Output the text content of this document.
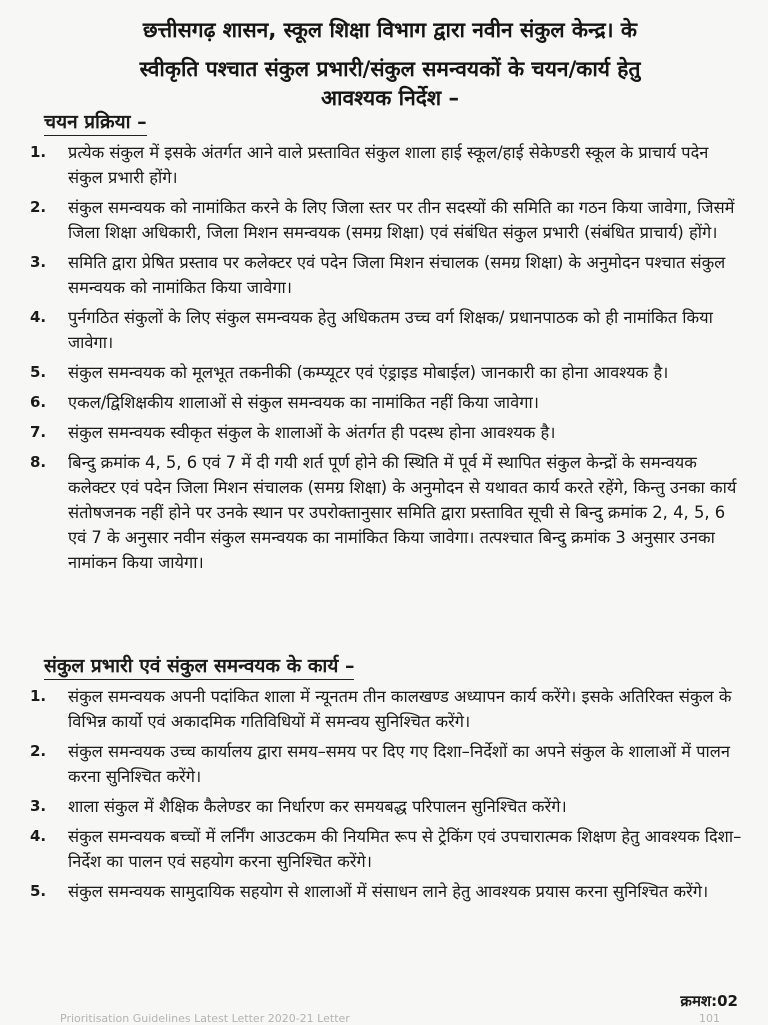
छत्तीसगढ़ शासन, स्कूल शिक्षा विभाग द्वारा नवीन संकुल केन्द्र। के

स्वीकृति पश्चात संकुल प्रभारी/संकुल समन्वयकों के चयन/कार्य हेतु

आवश्यक निर्देश –

चयन प्रक्रिया –
1.	प्रत्येक संकुल में इसके अंतर्गत आने वाले प्रस्तावित संकुल शाला हाई स्कूल/हाई सेकेण्डरी स्कूल के प्राचार्य पदेन संकुल प्रभारी होंगे।
2.	संकुल समन्वयक को नामांकित करने के लिए जिला स्तर पर तीन सदस्यों की समिति का गठन किया जावेगा, जिसमें जिला शिक्षा अधिकारी, जिला मिशन समन्वयक (समग्र शिक्षा) एवं संबंधित संकुल प्रभारी (संबंधित प्राचार्य) होंगे।
3.	समिति द्वारा प्रेषित प्रस्ताव पर कलेक्टर एवं पदेन जिला मिशन संचालक (समग्र शिक्षा) के अनुमोदन पश्चात संकुल समन्वयक को नामांकित किया जावेगा।
4.	पुर्नगठित संकुलों के लिए संकुल समन्वयक हेतु अधिकतम उच्च वर्ग शिक्षक/ प्रधानपाठक को ही नामांकित किया जावेगा।
5.	संकुल समन्वयक को मूलभूत तकनीकी (कम्प्यूटर एवं एंड्राइड मोबाईल) जानकारी का होना आवश्यक है।
6.	एकल/द्विशिक्षकीय शालाओं से संकुल समन्वयक का नामांकित नहीं किया जावेगा।
7.	संकुल समन्वयक स्वीकृत संकुल के शालाओं के अंतर्गत ही पदस्थ होना आवश्यक है।
8.	बिन्दु क्रमांक 4, 5, 6 एवं 7 में दी गयी शर्त पूर्ण होने की स्थिति में पूर्व में स्थापित संकुल केन्द्रों के समन्वयक कलेक्टर एवं पदेन जिला मिशन संचालक (समग्र शिक्षा) के अनुमोदन से यथावत कार्य करते रहेंगे, किन्तु उनका कार्य संतोषजनक नहीं होने पर उनके स्थान पर उपरोक्तानुसार समिति द्वारा प्रस्तावित सूची से बिन्दु क्रमांक 2, 4, 5, 6 एवं 7 के अनुसार नवीन संकुल समन्वयक का नामांकित किया जावेगा। तत्पश्चात बिन्दु क्रमांक 3 अनुसार उनका नामांकन किया जायेगा।
संकुल प्रभारी एवं संकुल समन्वयक के कार्य –
1.	संकुल समन्वयक अपनी पदांकित शाला में न्यूनतम तीन कालखण्ड अध्यापन कार्य करेंगे। इसके अतिरिक्त संकुल के विभिन्न कार्यो एवं अकादमिक गतिविधियों में समन्वय सुनिश्चित करेंगे।
2.	संकुल समन्वयक उच्च कार्यालय द्वारा समय–समय पर दिए गए दिशा–निर्देशों का अपने संकुल के शालाओं में पालन करना सुनिश्चित करेंगे।
3.	शाला संकुल में शैक्षिक कैलेण्डर का निर्धारण कर समयबद्ध परिपालन सुनिश्चित करेंगे।
4.	संकुल समन्वयक बच्चों में लर्निंग आउटकम की नियमित रूप से ट्रेकिंग एवं उपचारात्मक शिक्षण हेतु आवश्यक दिशा–निर्देश का पालन एवं सहयोग करना सुनिश्चित करेंगे।
5.	संकुल समन्वयक सामुदायिक सहयोग से शालाओं में संसाधन लाने हेतु आवश्यक प्रयास करना सुनिश्चित करेंगे।
क्रमश:02
Prioritisation Guidelines Latest Letter 2020-21 Letter	101
